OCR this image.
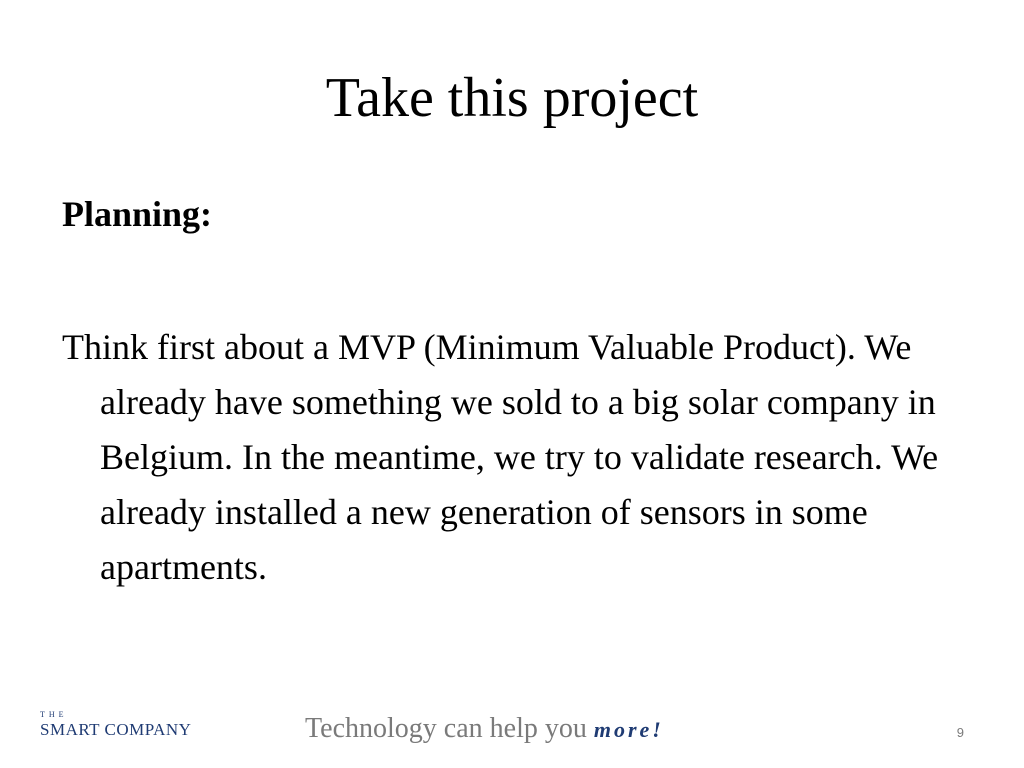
Take this project

Planning:

Think first about a MVP (Minimum Valuable Product). We already have something we sold to a big solar company in Belgium. In the meantime, we try to validate research. We already installed a new generation of sensors in some apartments.

THE
SMART COMPANY	Technology can help you more!	9
